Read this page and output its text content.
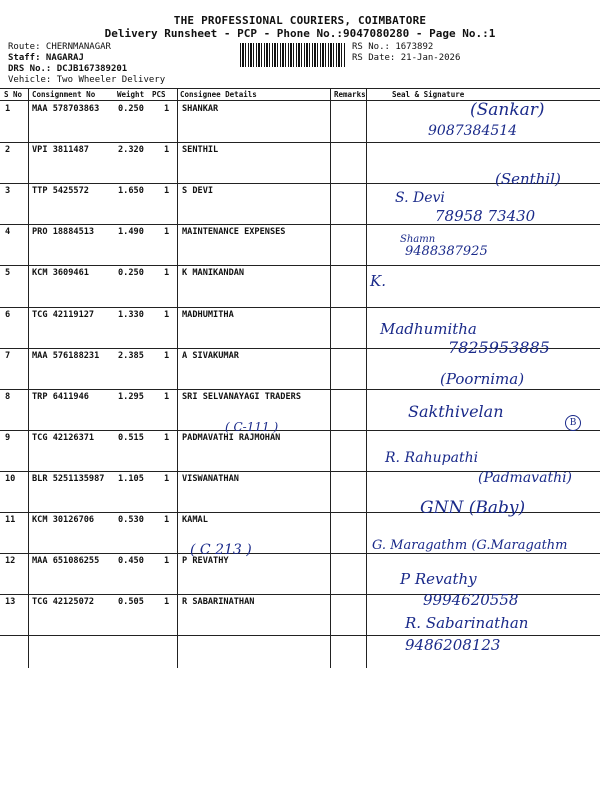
THE PROFESSIONAL COURIERS, COIMBATORE
Delivery Runsheet - PCP - Phone No.:9047080280 - Page No.:1
Route: CHERNMANAGAR
Staff: NAGARAJ
DRS No.: DCJB167389201
Vehicle: Two Wheeler Delivery
RS No.: 1673892
RS Date: 21-Jan-2026
S No Consignment No	Weight PCS Consignee Details	Remarks	Seal & Signature
1	MAA 578703863 0.250 1 SHANKAR
2	VPI 3811487	2.320 1 SENTHIL
3	TTP 5425572	1.650 1 S DEVI
4	PRO 18884513	1.490 1 MAINTENANCE EXPENSES
5	KCM 3609461	0.250 1 K MANIKANDAN
6	TCG 42119127	1.330 1 MADHUMITHA
7	MAA 576188231 2.385 1 A SIVAKUMAR
8	TRP 6411946	1.295 1 SRI SELVANAYAGI TRADERS
9	TCG 42126371	0.515 1 PADMAVATHI RAJMOHAN
10 BLR 5251135987 1.105 1 VISWANATHAN
11 KCM 30126706	0.530 1 KAMAL
12 MAA 651086255 0.450 1 P REVATHY
13 TCG 42125072	0.505 1 R SABARINATHAN
( C-111 )
( C 213 )
(Sankar)
9087384514
(Senthil)
S. Devi
78958 73430
Shamn
9488387925
K.
Madhumitha
7825953885
(Poornima)
Sakthivelan
B
R. Rahupathi
(Padmavathi)
GNN (Baby)
G. Maragathm (G.Maragathm
P Revathy
9994620558
R. Sabarinathan
9486208123
